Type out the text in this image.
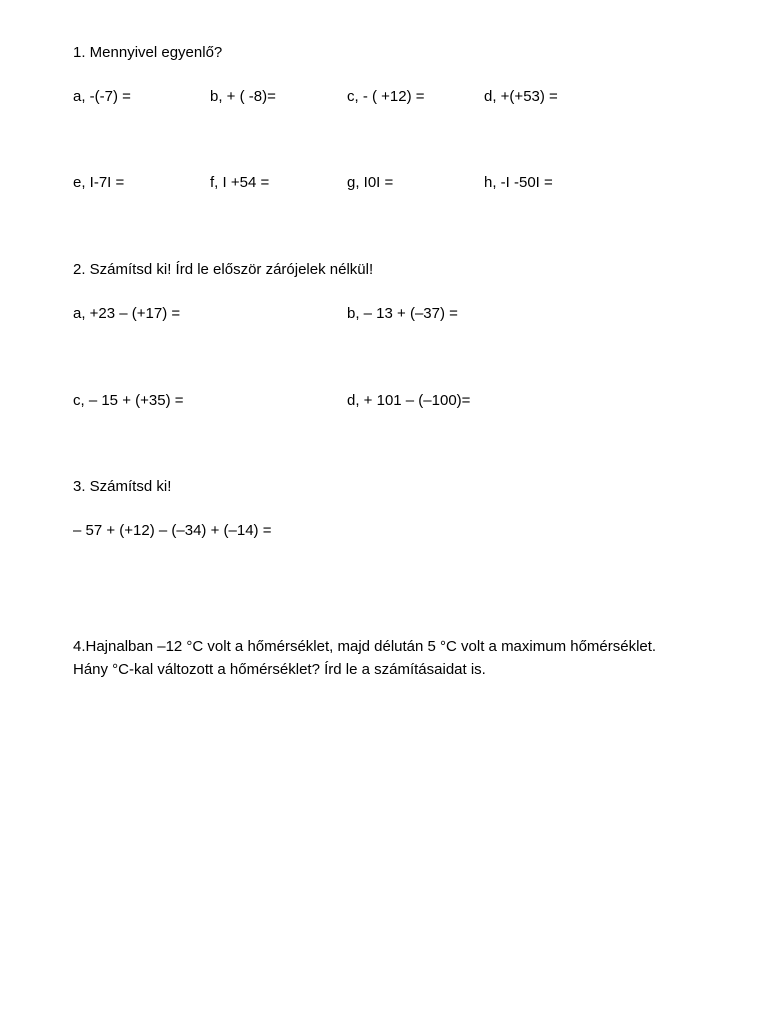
1. Mennyivel egyenlő?
a, -(-7) =	b, + ( -8)=	c, - ( +12) =	d, +(+53) =
e, I-7I =	f, I +54 =	g, I0I =	h, -I -50I =
2. Számítsd ki! Írd le először zárójelek nélkül!
a, +23 – (+17) =	b, – 13 + (–37) =
c, – 15 + (+35) =	d, + 101 – (–100)=
3. Számítsd ki!
– 57 + (+12) – (–34) + (–14) =
4.Hajnalban –12 °C volt a hőmérséklet, majd délután 5 °C volt a maximum hőmérséklet. Hány °C-kal változott a hőmérséklet? Írd le a számításaidat is.
